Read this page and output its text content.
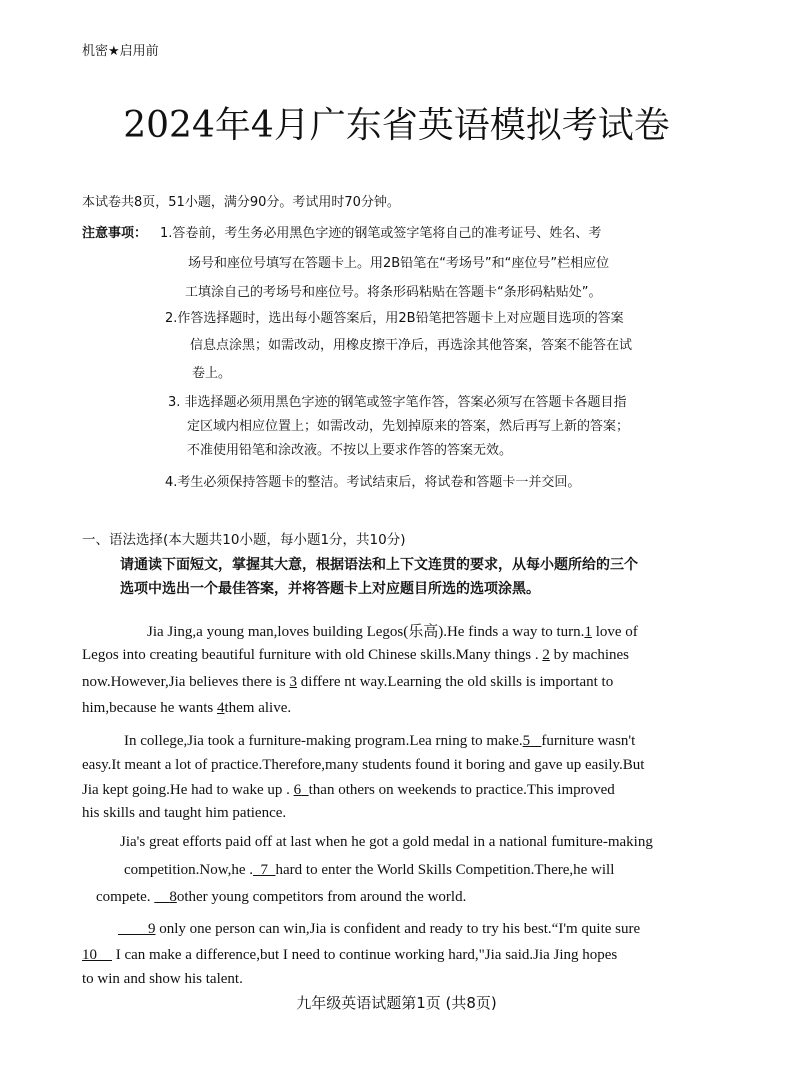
机密★启用前
2024年4月广东省英语模拟考试卷
本试卷共8页，51小题，满分90分。考试用时70分钟。
注意事项： 1.答卷前，考生务必用黑色字迹的钢笔或签字笔将自己的准考证号、姓名、考
场号和座位号填写在答题卡上。用2B铅笔在“考场号”和“座位号”栏相应位
工填涂自己的考场号和座位号。将条形码粘贴在答题卡“条形码粘贴处”。
2.作答选择题时，选出每小题答案后，用2B铅笔把答题卡上对应题目选项的答案
信息点涂黑；如需改动，用橡皮擦干净后，再选涂其他答案，答案不能答在试
卷上。
3. 非选择题必须用黑色字迹的钢笔或签字笔作答，答案必须写在答题卡各题目指
定区域内相应位置上；如需改动，先划掉原来的答案，然后再写上新的答案；
不准使用铅笔和涂改液。不按以上要求作答的答案无效。
4.考生必须保持答题卡的整洁。考试结束后，将试卷和答题卡一并交回。
一、语法选择(本大题共10小题，每小题1分，共10分)
请通读下面短文，掌握其大意，根据语法和上下文连贯的要求，从每小题所给的三个
选项中选出一个最佳答案，并将答题卡上对应题目所选的选项涂黑。
Jia Jing,a young man,loves building Legos(乐高).He finds a way to turn.1 love of
Legos into creating beautiful furniture with old Chinese skills.Many things . 2 by machines
now.However,Jia believes there is 3 differe nt way.Learning the old skills is important to
him,because he wants 4them alive.
In college,Jia took a furniture-making program.Lea rning to make.5 furniture wasn't
easy.It meant a lot of practice.Therefore,many students found it boring and gave up easily.But
Jia kept going.He had to wake up . 6 than others on weekends to practice.This improved
his skills and taught him patience.
Jia's great efforts paid off at last when he got a gold medal in a national fumiture-making
competition.Now,he . 7 hard to enter the World Skills Competition.There,he will
compete.     8other young competitors from around the world.
9 only one person can win,Jia is confident and ready to try his best.“I'm quite sure
10     I can make a difference,but I need to continue working hard,"Jia said.Jia Jing hopes
to win and show his talent.
九年级英语试题第1页 (共8页)
